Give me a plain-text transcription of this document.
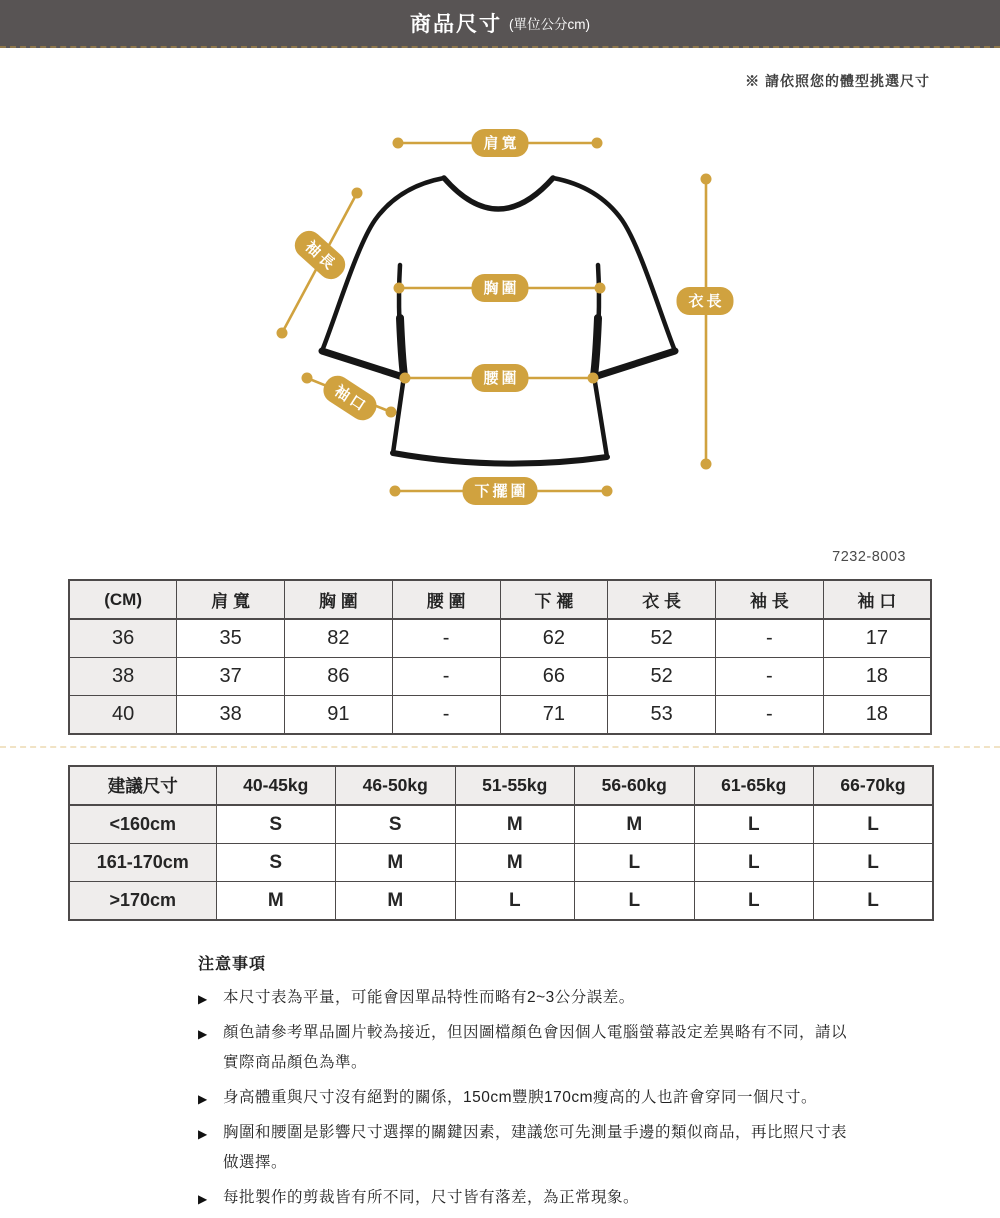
商品尺寸 (單位公分cm)
※ 請依照您的體型挑選尺寸
肩寬
袖長
胸圍
衣長
袖口
腰圍
下擺圍
7232-8003
(CM)	肩 寬	胸 圍	腰 圍	下 襬	衣 長	袖 長	袖 口
36	35	82	-	62	52	-	17
38	37	86	-	66	52	-	18
40	38	91	-	71	53	-	18
建議尺寸	40-45kg	46-50kg	51-55kg	56-60kg	61-65kg	66-70kg
<160cm	S	S	M	M	L	L
161-170cm	S	M	M	L	L	L
>170cm	M	M	L	L	L	L
注意事項
▶ 本尺寸表為平量，可能會因單品特性而略有2~3公分誤差。
▶ 顏色請參考單品圖片較為接近，但因圖檔顏色會因個人電腦螢幕設定差異略有不同，請以實際商品顏色為準。
▶ 身高體重與尺寸沒有絕對的關係，150cm豐腴170cm瘦高的人也許會穿同一個尺寸。
▶ 胸圍和腰圍是影響尺寸選擇的關鍵因素，建議您可先測量手邊的類似商品，再比照尺寸表做選擇。
▶ 每批製作的剪裁皆有所不同，尺寸皆有落差，為正常現象。
